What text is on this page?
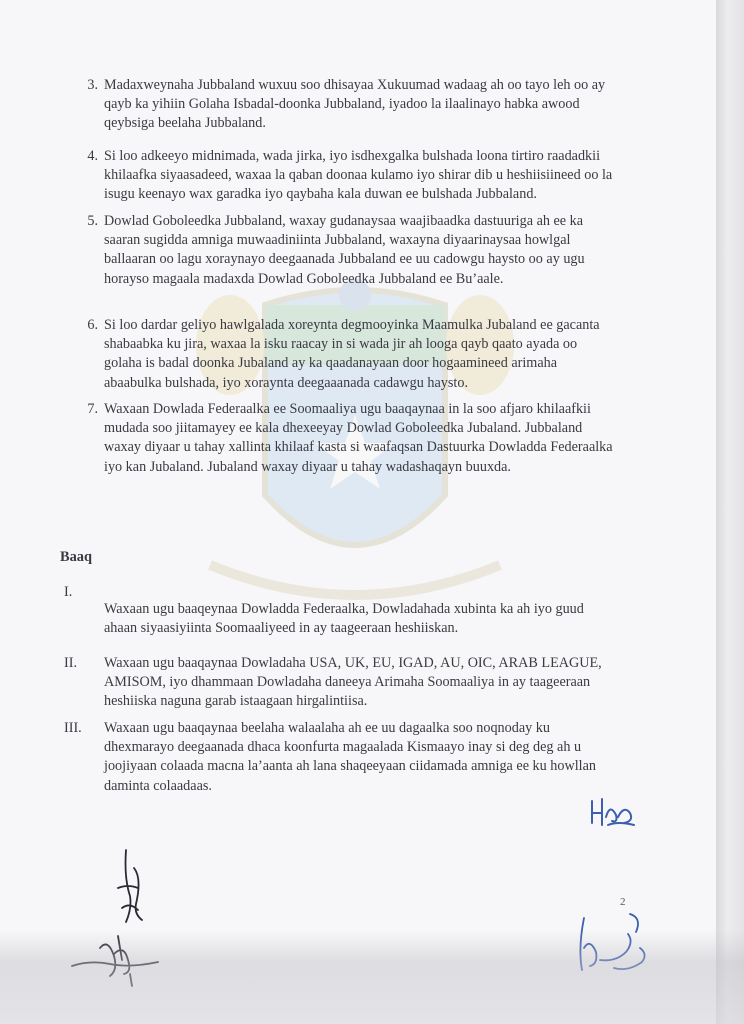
3. Madaxweynaha Jubbaland wuxuu soo dhisayaa Xukuumad wadaag ah oo tayo leh oo ay
qayb ka yihiin Golaha Isbadal-doonka Jubbaland, iyadoo la ilaalinayo habka awood
qeybsiga beelaha Jubbaland.
4. Si loo adkeeyo midnimada, wada jirka, iyo isdhexgalka bulshada loona tirtiro raadadkii
khilaafka siyaasadeed, waxaa la qaban doonaa kulamo iyo shirar dib u heshiisiineed oo la
isugu keenayo wax garadka iyo qaybaha kala duwan ee bulshada Jubbaland.
5. Dowlad Goboleedka Jubbaland, waxay gudanaysaa waajibaadka dastuuriga ah ee ka
saaran sugidda amniga muwaadiniinta Jubbaland, waxayna diyaarinaysaa howlgal
ballaaran oo lagu xoraynayo deegaanada Jubbaland ee uu cadowgu haysto oo ay ugu
horayso magaala madaxda Dowlad Goboleedka Jubbaland ee Bu’aale.
6. Si loo dardar geliyo hawlgalada xoreynta degmooyinka Maamulka Jubaland ee gacanta
shabaabka ku jira, waxaa la isku raacay in si wada jir ah looga qayb qaato ayada oo
golaha is badal doonka Jubaland ay ka qaadanayaan door hogaamineed arimaha
abaabulka bulshada, iyo xoraynta deegaaanada cadawgu haysto.
7. Waxaan Dowlada Federaalka ee Soomaaliya ugu baaqaynaa in la soo afjaro khilaafkii
mudada soo jiitamayey ee kala dhexeeyay Dowlad Goboleedka Jubaland. Jubbaland
waxay diyaar u tahay xallinta khilaaf kasta si waafaqsan Dastuurka Dowladda Federaalka
iyo kan Jubaland. Jubaland waxay diyaar u tahay wadashaqayn buuxda.
Baaq
I.
Waxaan ugu baaqeynaa Dowladda Federaalka, Dowladahada xubinta ka ah iyo guud
ahaan siyaasiyiinta Soomaaliyeed in ay taageeraan heshiiskan.
II.	Waxaan ugu baaqaynaa Dowladaha USA, UK, EU, IGAD, AU, OIC, ARAB LEAGUE,
AMISOM, iyo dhammaan Dowladaha daneeya Arimaha Soomaaliya in ay taageeraan
heshiiska naguna garab istaagaan hirgalintiisa.
III.	Waxaan ugu baaqaynaa beelaha walaalaha ah ee uu dagaalka soo noqnoday ku
dhexmarayo deegaanada dhaca koonfurta magaalada Kismaayo inay si deg deg ah u
joojiyaan colaada macna la’aanta ah lana shaqeeyaan ciidamada amniga ee ku howllan
daminta colaadaas.
2
